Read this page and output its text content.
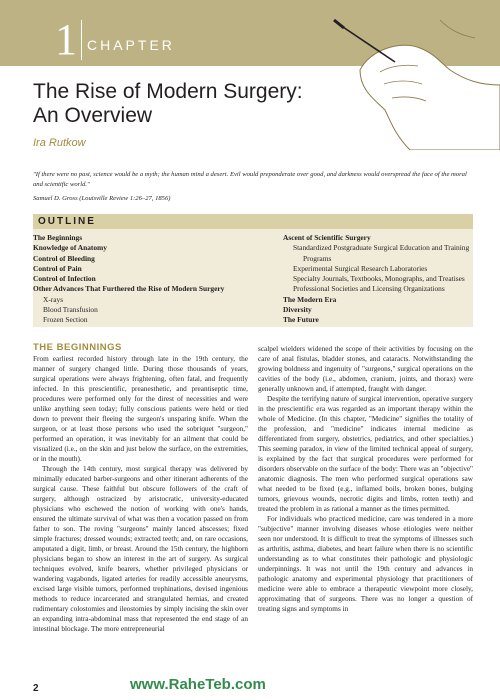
1 CHAPTER
The Rise of Modern Surgery:
An Overview
Ira Rutkow
"If there were no past, science would be a myth; the human mind a desert. Evil would preponderate over good, and darkness would overspread the face of the moral and scientific world."
Samuel D. Gross (Louisville Review 1:26–27, 1856)
OUTLINE
The Beginnings
Knowledge of Anatomy
Control of Bleeding
Control of Pain
Control of Infection
Other Advances That Furthered the Rise of Modern Surgery
X-rays
Blood Transfusion
Frozen Section
Ascent of Scientific Surgery
Standardized Postgraduate Surgical Education and Training
Programs
Experimental Surgical Research Laboratories
Specialty Journals, Textbooks, Monographs, and Treatises
Professional Societies and Licensing Organizations
The Modern Era
Diversity
The Future
THE BEGINNINGS

From earliest recorded history through late in the 19th century, the manner of surgery changed little. During those thousands of years, surgical operations were always frightening, often fatal, and frequently infected. In this prescientific, preanesthetic, and preantiseptic time, procedures were performed only for the direst of necessities and were unlike anything seen today; fully conscious patients were held or tied down to prevent their fleeing the surgeon's unsparing knife. When the surgeon, or at least those persons who used the sobriquet "surgeon," performed an operation, it was inevitably for an ailment that could be visualized (i.e., on the skin and just below the surface, on the extremities, or in the mouth).

Through the 14th century, most surgical therapy was delivered by minimally educated barber-surgeons and other itinerant adherents of the surgical cause. These faithful but obscure followers of the craft of surgery, although ostracized by aristocratic, university-educated physicians who eschewed the notion of working with one's hands, ensured the ultimate survival of what was then a vocation passed on from father to son. The roving "surgeons" mainly lanced abscesses; fixed simple fractures; dressed wounds; extracted teeth; and, on rare occasions, amputated a digit, limb, or breast. Around the 15th century, the highborn physicians began to show an interest in the art of surgery. As surgical techniques evolved, knife bearers, whether privileged physicians or wandering vagabonds, ligated arteries for readily accessible aneurysms, excised large visible tumors, performed trephinations, devised ingenious methods to reduce incarcerated and strangulated hernias, and created rudimentary colostomies and ileostomies by simply incising the skin over an expanding intra-abdominal mass that represented the end stage of an intestinal blockage. The more entrepreneurial

scalpel wielders widened the scope of their activities by focusing on the care of anal fistulas, bladder stones, and cataracts. Notwithstanding the growing boldness and ingenuity of "surgeons," surgical operations on the cavities of the body (i.e., abdomen, cranium, joints, and thorax) were generally unknown and, if attempted, fraught with danger.

Despite the terrifying nature of surgical intervention, operative surgery in the prescientific era was regarded as an important therapy within the whole of Medicine. (In this chapter, "Medicine" signifies the totality of the profession, and "medicine" indicates internal medicine as differentiated from surgery, obstetrics, pediatrics, and other specialties.) This seeming paradox, in view of the limited technical appeal of surgery, is explained by the fact that surgical procedures were performed for disorders observable on the surface of the body: There was an "objective" anatomic diagnosis. The men who performed surgical operations saw what needed to be fixed (e.g., inflamed boils, broken bones, bulging tumors, grievous wounds, necrotic digits and limbs, rotten teeth) and treated the problem in as rational a manner as the times permitted.

For individuals who practiced medicine, care was tendered in a more "subjective" manner involving diseases whose etiologies were neither seen nor understood. It is difficult to treat the symptoms of illnesses such as arthritis, asthma, diabetes, and heart failure when there is no scientific understanding as to what constitutes their pathologic and physiologic underpinnings. It was not until the 19th century and advances in pathologic anatomy and experimental physiology that practitioners of medicine were able to embrace a therapeutic viewpoint more closely, approximating that of surgeons. There was no longer a question of treating signs and symptoms in

2	www.RaheTeb.com
